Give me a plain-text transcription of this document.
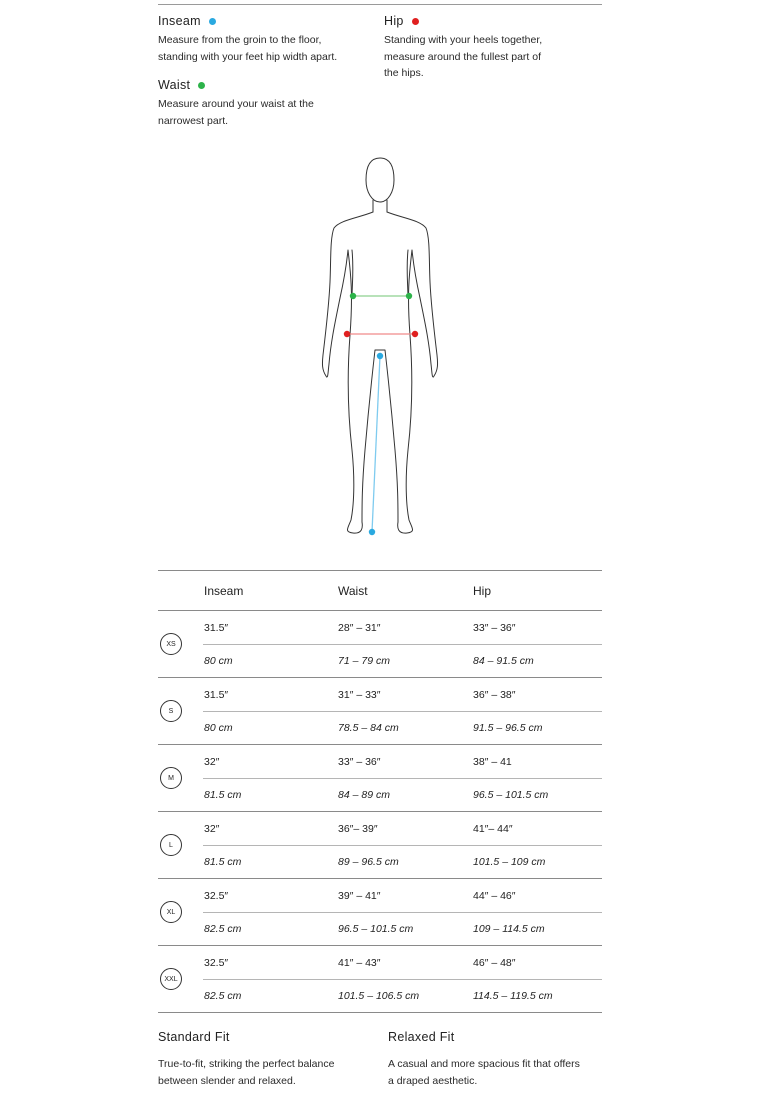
Inseam
Measure from the groin to the floor,
standing with your feet hip width apart.
Hip
Standing with your heels together,
measure around the fullest part of
the hips.
Waist
Measure around your waist at the
narrowest part.
	Inseam	Waist	Hip

XS	31.5″	28″ – 31″	33″ – 36″
	80 cm	71 – 79 cm	84 – 91.5 cm

S	31.5″	31″ – 33″	36″ – 38″
	80 cm	78.5 – 84 cm	91.5 – 96.5 cm

M	32″	33″ – 36″	38″ – 41
	81.5 cm	84 – 89 cm	96.5 – 101.5 cm

L	32″	36″– 39″	41″– 44″
	81.5 cm	89 – 96.5 cm	101.5 – 109 cm

XL	32.5″	39″ – 41″	44″ – 46″
	82.5 cm	96.5 – 101.5 cm	109 – 114.5 cm

XXL	32.5″	41″ – 43″	46″ – 48″
	82.5 cm	101.5 – 106.5 cm	114.5 – 119.5 cm
Standard Fit
True-to-fit, striking the perfect balance
between slender and relaxed.
Relaxed Fit
A casual and more spacious fit that offers
a draped aesthetic.
